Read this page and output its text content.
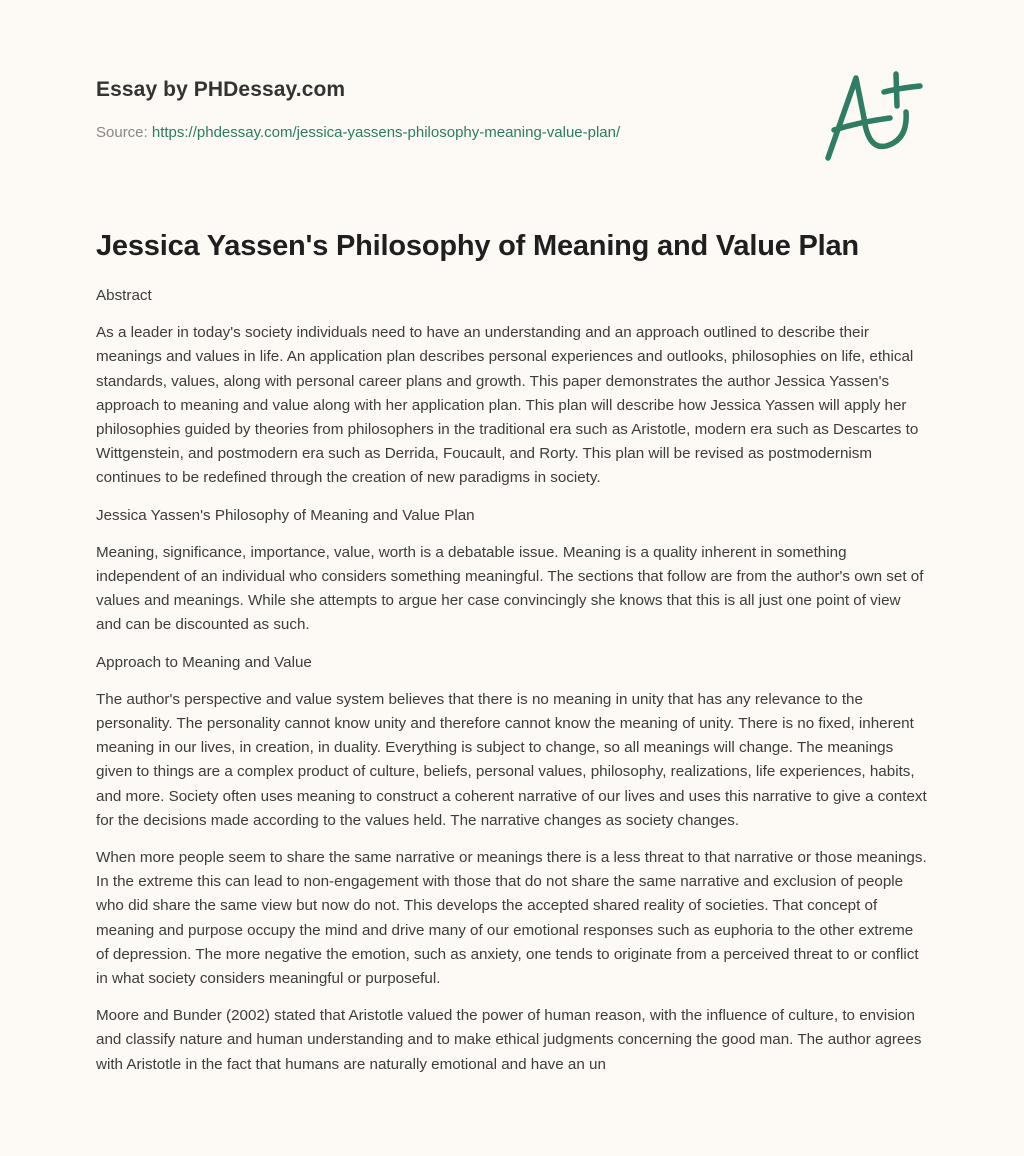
Essay by PHDessay.com
Source: https://phdessay.com/jessica-yassens-philosophy-meaning-value-plan/
Jessica Yassen's Philosophy of Meaning and Value Plan

Abstract

As a leader in today's society individuals need to have an understanding and an approach outlined to describe their meanings and values in life. An application plan describes personal experiences and outlooks, philosophies on life, ethical standards, values, along with personal career plans and growth. This paper demonstrates the author Jessica Yassen's approach to meaning and value along with her application plan. This plan will describe how Jessica Yassen will apply her philosophies guided by theories from philosophers in the traditional era such as Aristotle, modern era such as Descartes to Wittgenstein, and postmodern era such as Derrida, Foucault, and Rorty. This plan will be revised as postmodernism continues to be redefined through the creation of new paradigms in society.

Jessica Yassen's Philosophy of Meaning and Value Plan

Meaning, significance, importance, value, worth is a debatable issue. Meaning is a quality inherent in something independent of an individual who considers something meaningful. The sections that follow are from the author's own set of values and meanings. While she attempts to argue her case convincingly she knows that this is all just one point of view and can be discounted as such.

Approach to Meaning and Value

The author's perspective and value system believes that there is no meaning in unity that has any relevance to the personality. The personality cannot know unity and therefore cannot know the meaning of unity. There is no fixed, inherent meaning in our lives, in creation, in duality. Everything is subject to change, so all meanings will change. The meanings given to things are a complex product of culture, beliefs, personal values, philosophy, realizations, life experiences, habits, and more. Society often uses meaning to construct a coherent narrative of our lives and uses this narrative to give a context for the decisions made according to the values held. The narrative changes as society changes.

When more people seem to share the same narrative or meanings there is a less threat to that narrative or those meanings. In the extreme this can lead to non-engagement with those that do not share the same narrative and exclusion of people who did share the same view but now do not. This develops the accepted shared reality of societies. That concept of meaning and purpose occupy the mind and drive many of our emotional responses such as euphoria to the other extreme of depression. The more negative the emotion, such as anxiety, one tends to originate from a perceived threat to or conflict in what society considers meaningful or purposeful.

Moore and Bunder (2002) stated that Aristotle valued the power of human reason, with the influence of culture, to envision and classify nature and human understanding and to make ethical judgments concerning the good man. The author agrees with Aristotle in the fact that humans are naturally emotional and have an un
